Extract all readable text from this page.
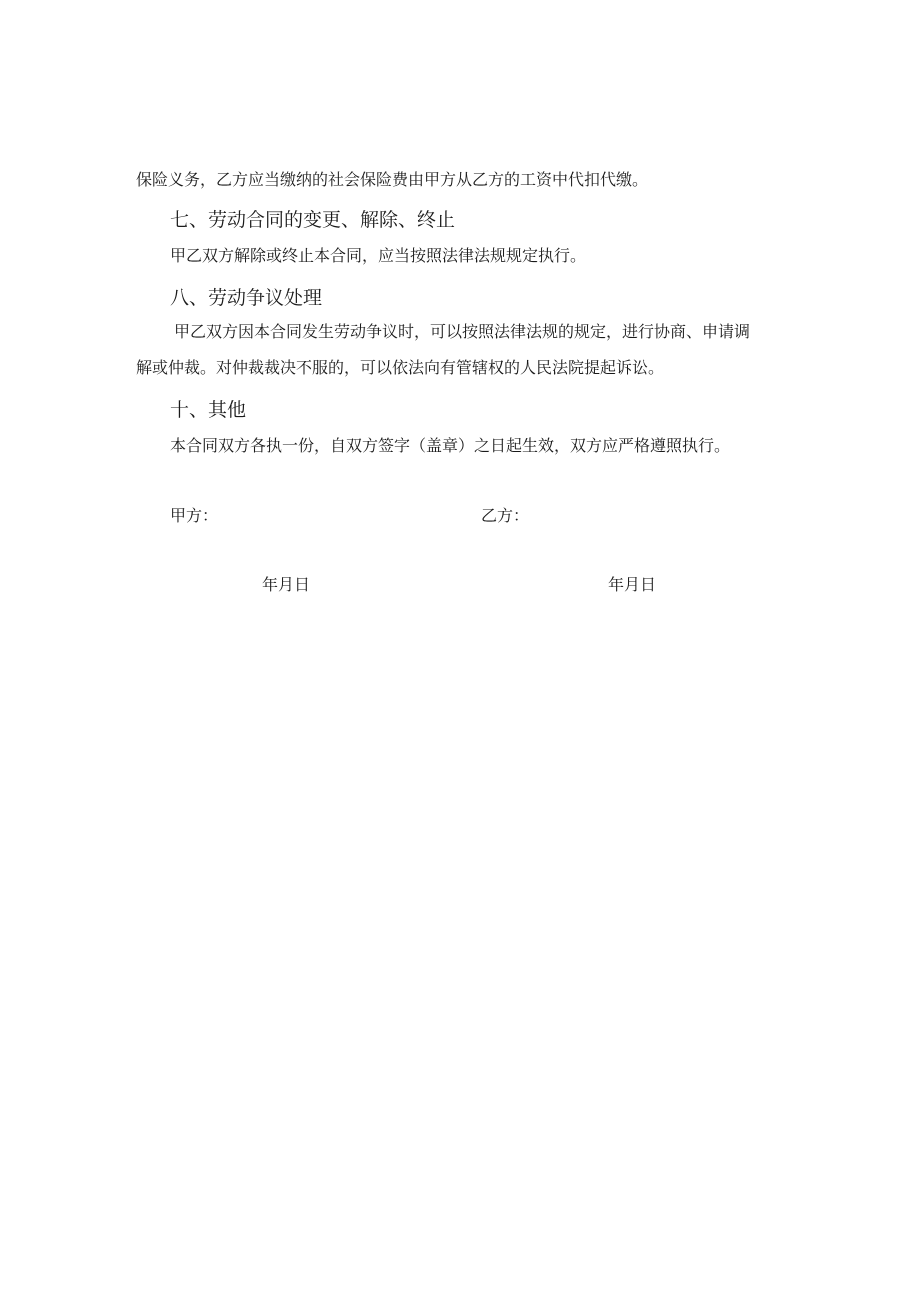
保险义务，乙方应当缴纳的社会保险费由甲方从乙方的工资中代扣代缴。
七、劳动合同的变更、解除、终止
甲乙双方解除或终止本合同，应当按照法律法规规定执行。
八、劳动争议处理
甲乙双方因本合同发生劳动争议时，可以按照法律法规的规定，进行协商、申请调
解或仲裁。对仲裁裁决不服的，可以依法向有管辖权的人民法院提起诉讼。
十、其他
本合同双方各执一份，自双方签字（盖章）之日起生效，双方应严格遵照执行。
甲方：	乙方：
年月日	年月日
